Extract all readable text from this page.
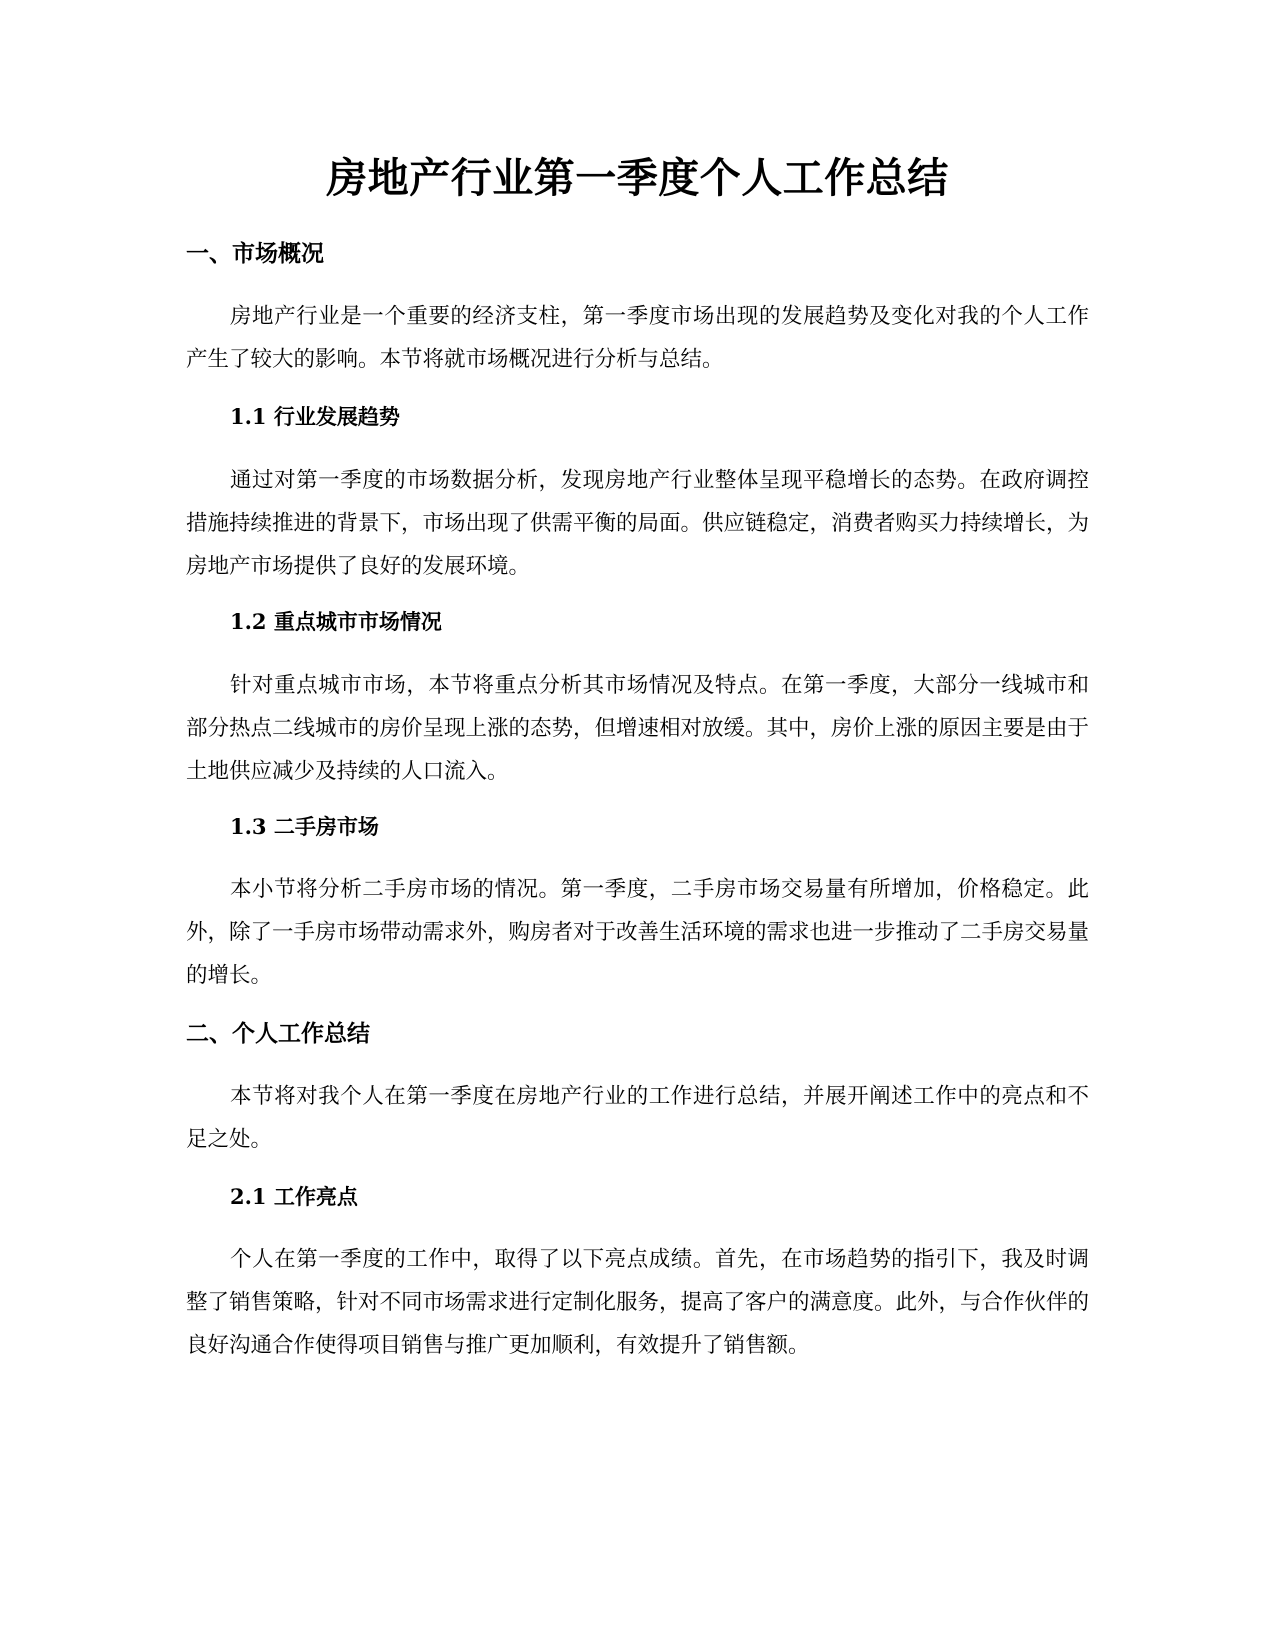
房地产行业第一季度个人工作总结
一、市场概况

房地产行业是一个重要的经济支柱，第一季度市场出现的发展趋势及变化对我的个人工作产生了较大的影响。本节将就市场概况进行分析与总结。

1.1 行业发展趋势

通过对第一季度的市场数据分析，发现房地产行业整体呈现平稳增长的态势。在政府调控措施持续推进的背景下，市场出现了供需平衡的局面。供应链稳定，消费者购买力持续增长，为房地产市场提供了良好的发展环境。

1.2 重点城市市场情况

针对重点城市市场，本节将重点分析其市场情况及特点。在第一季度，大部分一线城市和部分热点二线城市的房价呈现上涨的态势，但增速相对放缓。其中，房价上涨的原因主要是由于土地供应减少及持续的人口流入。

1.3 二手房市场

本小节将分析二手房市场的情况。第一季度，二手房市场交易量有所增加，价格稳定。此外，除了一手房市场带动需求外，购房者对于改善生活环境的需求也进一步推动了二手房交易量的增长。

二、个人工作总结

本节将对我个人在第一季度在房地产行业的工作进行总结，并展开阐述工作中的亮点和不足之处。

2.1 工作亮点

个人在第一季度的工作中，取得了以下亮点成绩。首先，在市场趋势的指引下，我及时调整了销售策略，针对不同市场需求进行定制化服务，提高了客户的满意度。此外，与合作伙伴的良好沟通合作使得项目销售与推广更加顺利，有效提升了销售额。
